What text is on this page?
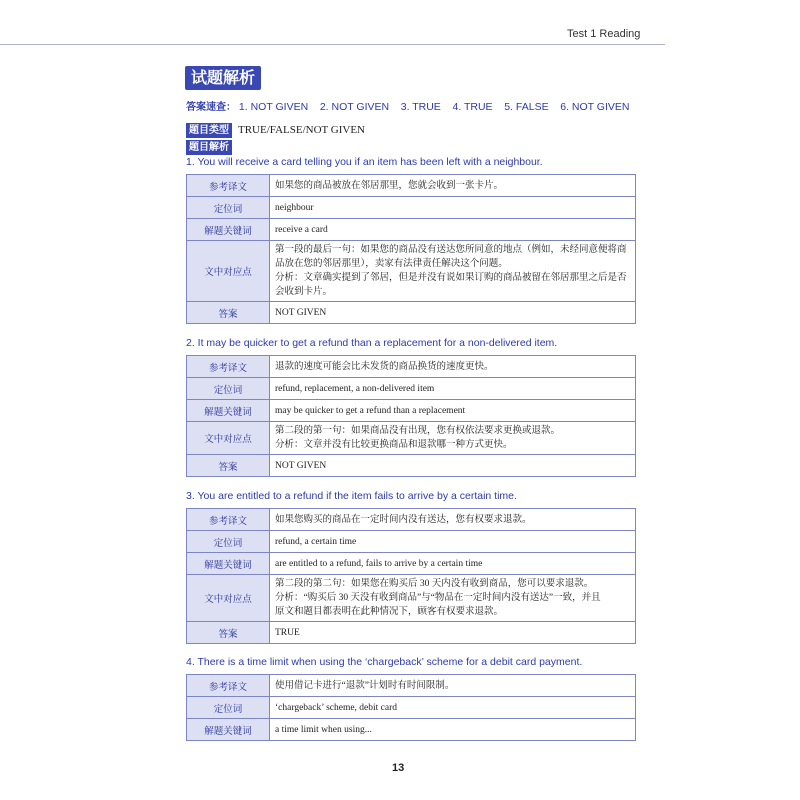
Test 1 Reading
试题解析
答案速查： 1. NOT GIVEN    2. NOT GIVEN    3. TRUE    4. TRUE    5. FALSE    6. NOT GIVEN
题目类型 TRUE/FALSE/NOT GIVEN
题目解析
1. You will receive a card telling you if an item has been left with a neighbour.
参考译文	如果您的商品被放在邻居那里，您就会收到一张卡片。
定位词	neighbour
解题关键词	receive a card
文中对应点	第一段的最后一句：如果您的商品没有送达您所同意的地点（例如，未经同意便将商
品放在您的邻居那里），卖家有法律责任解决这个问题。
分析：文章确实提到了邻居，但是并没有说如果订购的商品被留在邻居那里之后是否
会收到卡片。

答案	NOT GIVEN
2. It may be quicker to get a refund than a replacement for a non-delivered item.
参考译文	退款的速度可能会比未发货的商品换货的速度更快。
定位词	refund, replacement, a non-delivered item
解题关键词	may be quicker to get a refund than a replacement
文中对应点	第二段的第一句：如果商品没有出现，您有权依法要求更换或退款。
分析：文章并没有比较更换商品和退款哪一种方式更快。

答案	NOT GIVEN
3. You are entitled to a refund if the item fails to arrive by a certain time.
参考译文	如果您购买的商品在一定时间内没有送达，您有权要求退款。
定位词	refund, a certain time
解题关键词	are entitled to a refund, fails to arrive by a certain time
文中对应点	第二段的第二句：如果您在购买后 30 天内没有收到商品，您可以要求退款。
分析：“购买后 30 天没有收到商品”与“物品在一定时间内没有送达”一致，并且
原文和题目都表明在此种情况下，顾客有权要求退款。

答案	TRUE
4. There is a time limit when using the ‘chargeback’ scheme for a debit card payment.
参考译文	使用借记卡进行“退款”计划时有时间限制。
定位词	‘chargeback’ scheme, debit card
解题关键词	a time limit when using...
13
